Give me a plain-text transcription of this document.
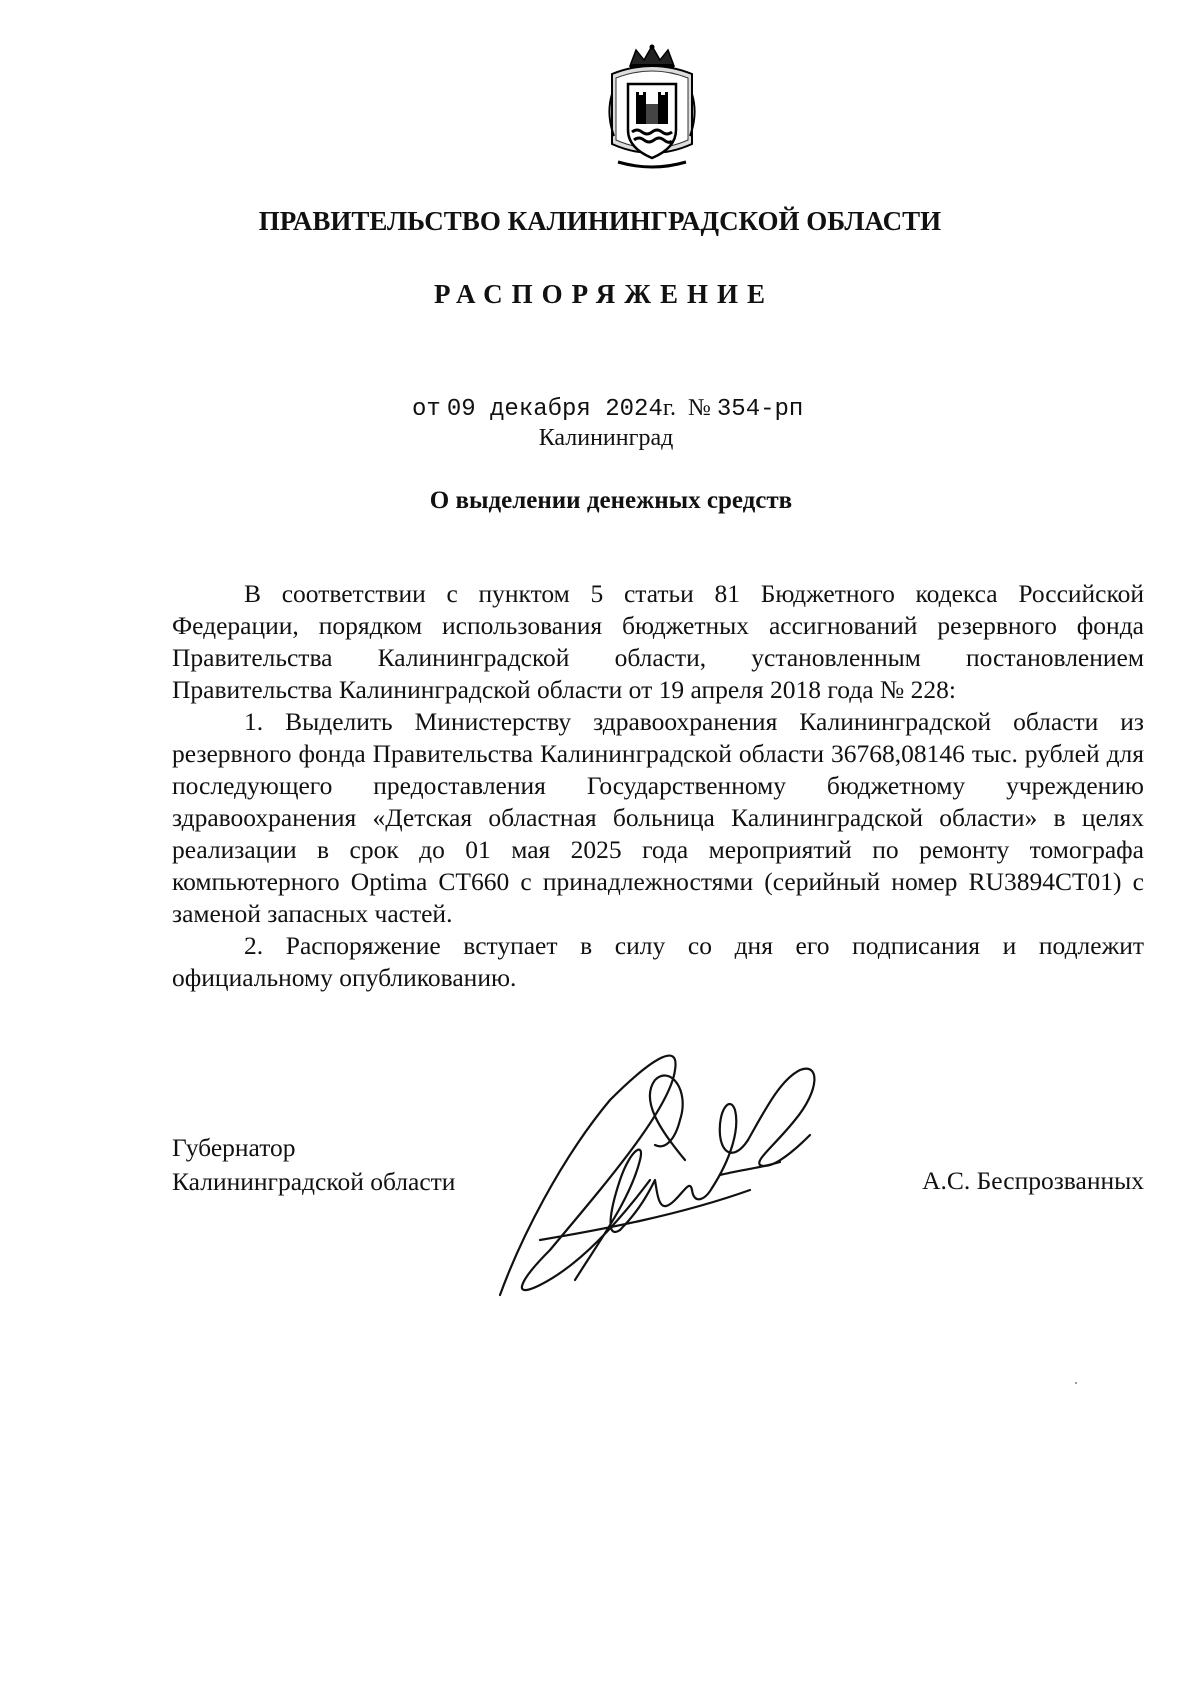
ПРАВИТЕЛЬСТВО КАЛИНИНГРАДСКОЙ ОБЛАСТИ
РАСПОРЯЖЕНИЕ
от 09 декабря 2024г. № 354-рп
Калининград
О выделении денежных средств

В соответствии с пунктом 5 статьи 81 Бюджетного кодекса Российской Федерации, порядком использования бюджетных ассигнований резервного фонда Правительства Калининградской области, установленным постановлением Правительства Калининградской области от 19 апреля 2018 года № 228:

1. Выделить Министерству здравоохранения Калининградской области из резервного фонда Правительства Калининградской области 36768,08146 тыс. рублей для последующего предоставления Государственному бюджетному учреждению здравоохранения «Детская областная больница Калининградской области» в целях реализации в срок до 01 мая 2025 года мероприятий по ремонту томографа компьютерного Optima CT660 с принадлежностями (серийный номер RU3894CT01) с заменой запасных частей.

2. Распоряжение вступает в силу со дня его подписания и подлежит официальному опубликованию.

Губернатор
Калининградской области	А.С. Беспрозванных
